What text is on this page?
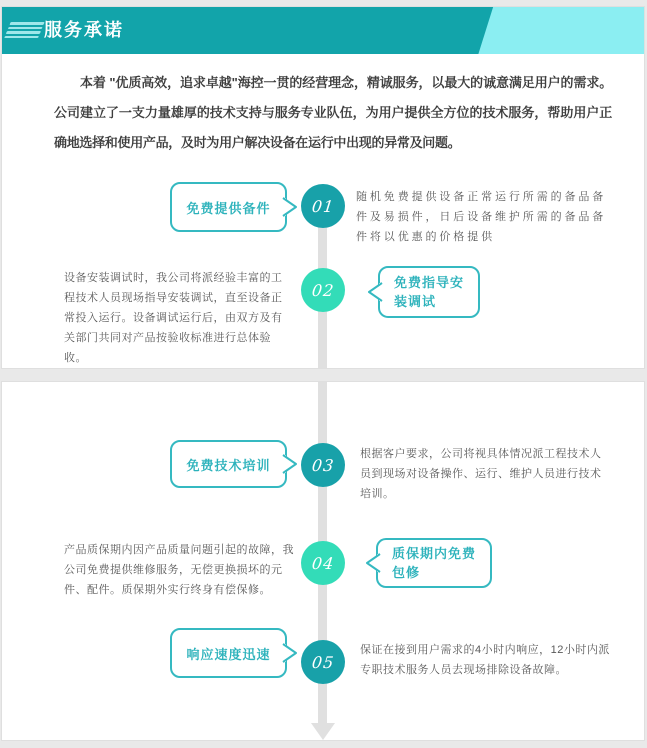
服务承诺

本着 "优质高效，追求卓越"海控一贯的经营理念，精诚服务，以最大的诚意满足用户的需求。公司建立了一支力量雄厚的技术支持与服务专业队伍，为用户提供全方位的技术服务，帮助用户正确地选择和使用产品，及时为用户解决设备在运行中出现的异常及问题。

免费提供备件	01 随机免费提供设备正常运行所需的备品备件及易损件，日后设备维护所需的备品备件将以优惠的价格提供

设备安装调试时，我公司将派经验丰富的工程技术人员现场指导安装调试，直至设备正常投入运行。设备调试运行后，由双方及有关部门共同对产品按验收标准进行总体验收。

02	免费指导安装调试
免费技术培训	03

根据客户要求，公司将视具体情况派工程技术人员到现场对设备操作、运行、维护人员进行技术培训。

产品质保期内因产品质量问题引起的故障，我公司免费提供维修服务，无偿更换损坏的元件、配件。质保期外实行终身有偿保修。

04	质保期内免费包修
响应速度迅速	05

保证在接到用户需求的4小时内响应，12小时内派专职技术服务人员去现场排除设备故障。
